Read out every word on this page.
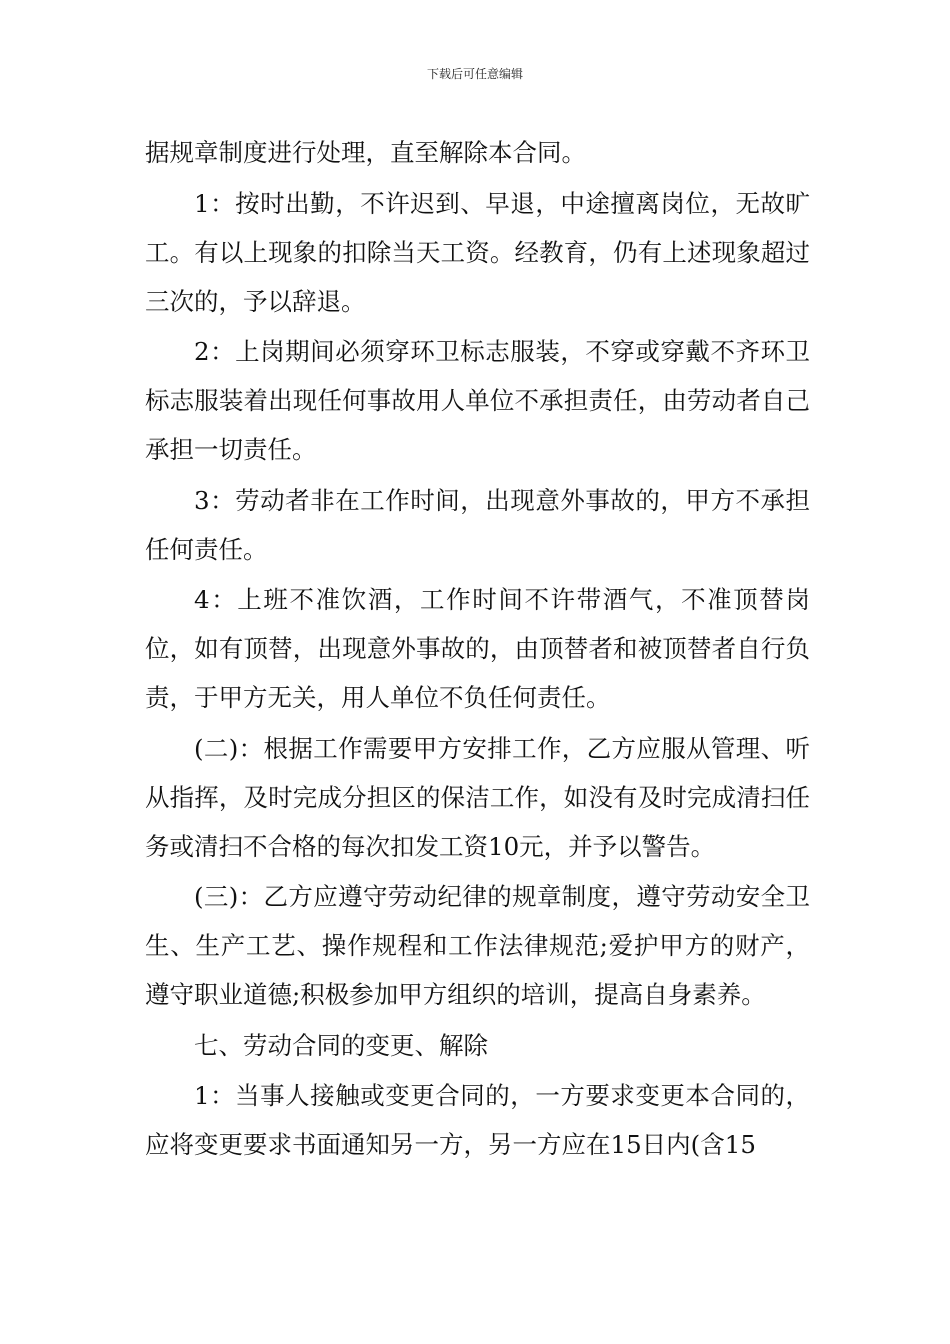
下载后可任意编辑

据规章制度进行处理，直至解除本合同。

1：按时出勤，不许迟到、早退，中途擅离岗位，无故旷工。有以上现象的扣除当天工资。经教育，仍有上述现象超过三次的，予以辞退。

2：上岗期间必须穿环卫标志服装，不穿或穿戴不齐环卫标志服装着出现任何事故用人单位不承担责任，由劳动者自己承担一切责任。

3：劳动者非在工作时间，出现意外事故的，甲方不承担任何责任。

4：上班不准饮酒，工作时间不许带酒气，不准顶替岗位，如有顶替，出现意外事故的，由顶替者和被顶替者自行负责，于甲方无关，用人单位不负任何责任。

(二)：根据工作需要甲方安排工作，乙方应服从管理、听从指挥，及时完成分担区的保洁工作，如没有及时完成清扫任务或清扫不合格的每次扣发工资10元，并予以警告。

(三)：乙方应遵守劳动纪律的规章制度，遵守劳动安全卫生、生产工艺、操作规程和工作法律规范;爱护甲方的财产，遵守职业道德;积极参加甲方组织的培训，提高自身素养。

七、劳动合同的变更、解除

1：当事人接触或变更合同的，一方要求变更本合同的，应将变更要求书面通知另一方，另一方应在15日内(含15
